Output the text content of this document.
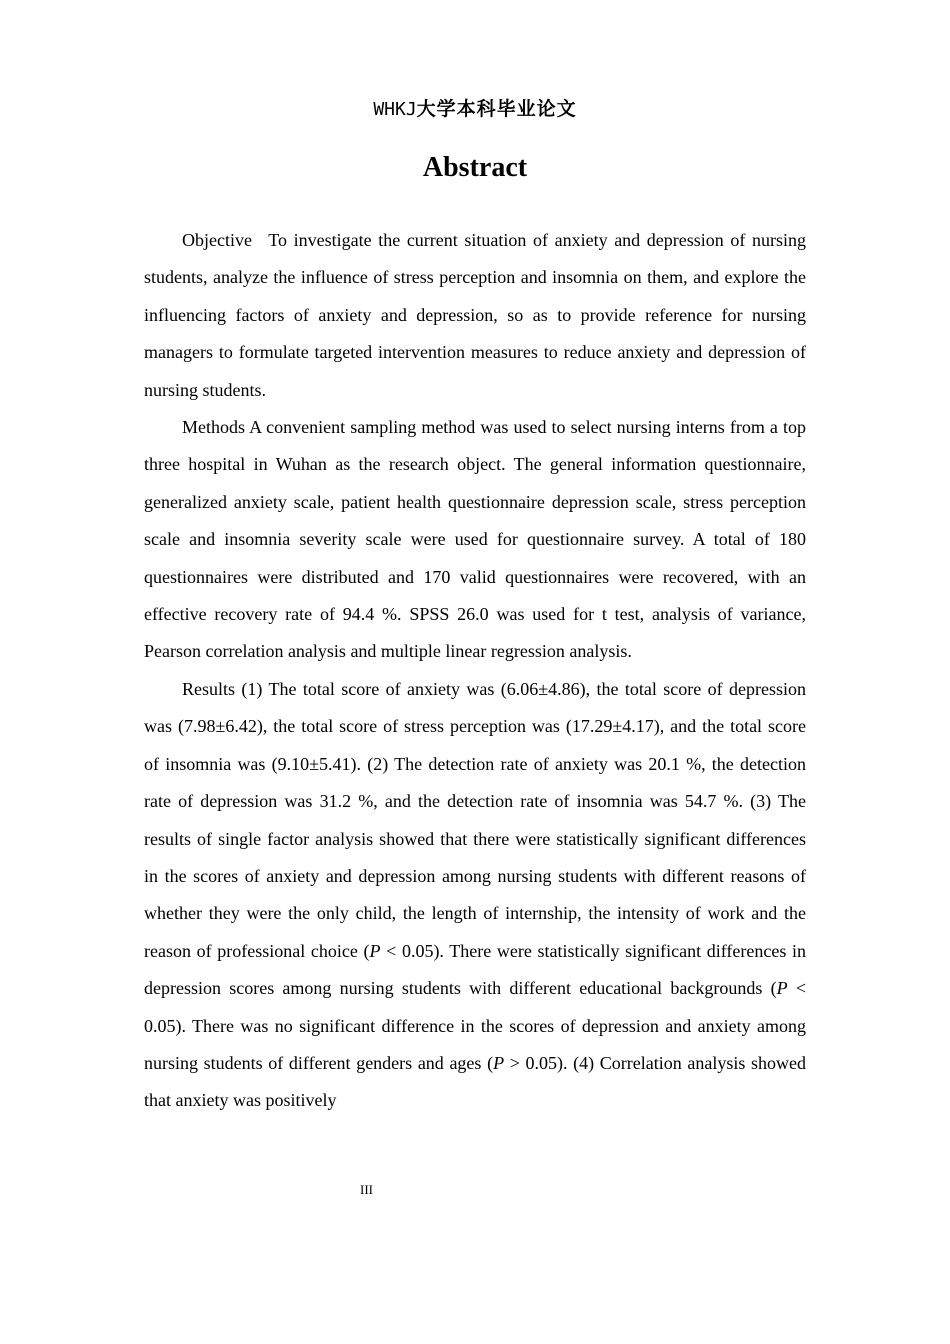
WHKJ大学本科毕业论文
Abstract

Objective To investigate the current situation of anxiety and depression of nursing students, analyze the influence of stress perception and insomnia on them, and explore the influencing factors of anxiety and depression, so as to provide reference for nursing managers to formulate targeted intervention measures to reduce anxiety and depression of nursing students.

Methods A convenient sampling method was used to select nursing interns from a top three hospital in Wuhan as the research object. The general information questionnaire, generalized anxiety scale, patient health questionnaire depression scale, stress perception scale and insomnia severity scale were used for questionnaire survey. A total of 180 questionnaires were distributed and 170 valid questionnaires were recovered, with an effective recovery rate of 94.4 %. SPSS 26.0 was used for t test, analysis of variance, Pearson correlation analysis and multiple linear regression analysis.

Results (1) The total score of anxiety was (6.06±4.86), the total score of depression was (7.98±6.42), the total score of stress perception was (17.29±4.17), and the total score of insomnia was (9.10±5.41). (2) The detection rate of anxiety was 20.1 %, the detection rate of depression was 31.2 %, and the detection rate of insomnia was 54.7 %. (3) The results of single factor analysis showed that there were statistically significant differences in the scores of anxiety and depression among nursing students with different reasons of whether they were the only child, the length of internship, the intensity of work and the reason of professional choice (P < 0.05). There were statistically significant differences in depression scores among nursing students with different educational backgrounds (P < 0.05). There was no significant difference in the scores of depression and anxiety among nursing students of different genders and ages (P > 0.05). (4) Correlation analysis showed that anxiety was positively

III
